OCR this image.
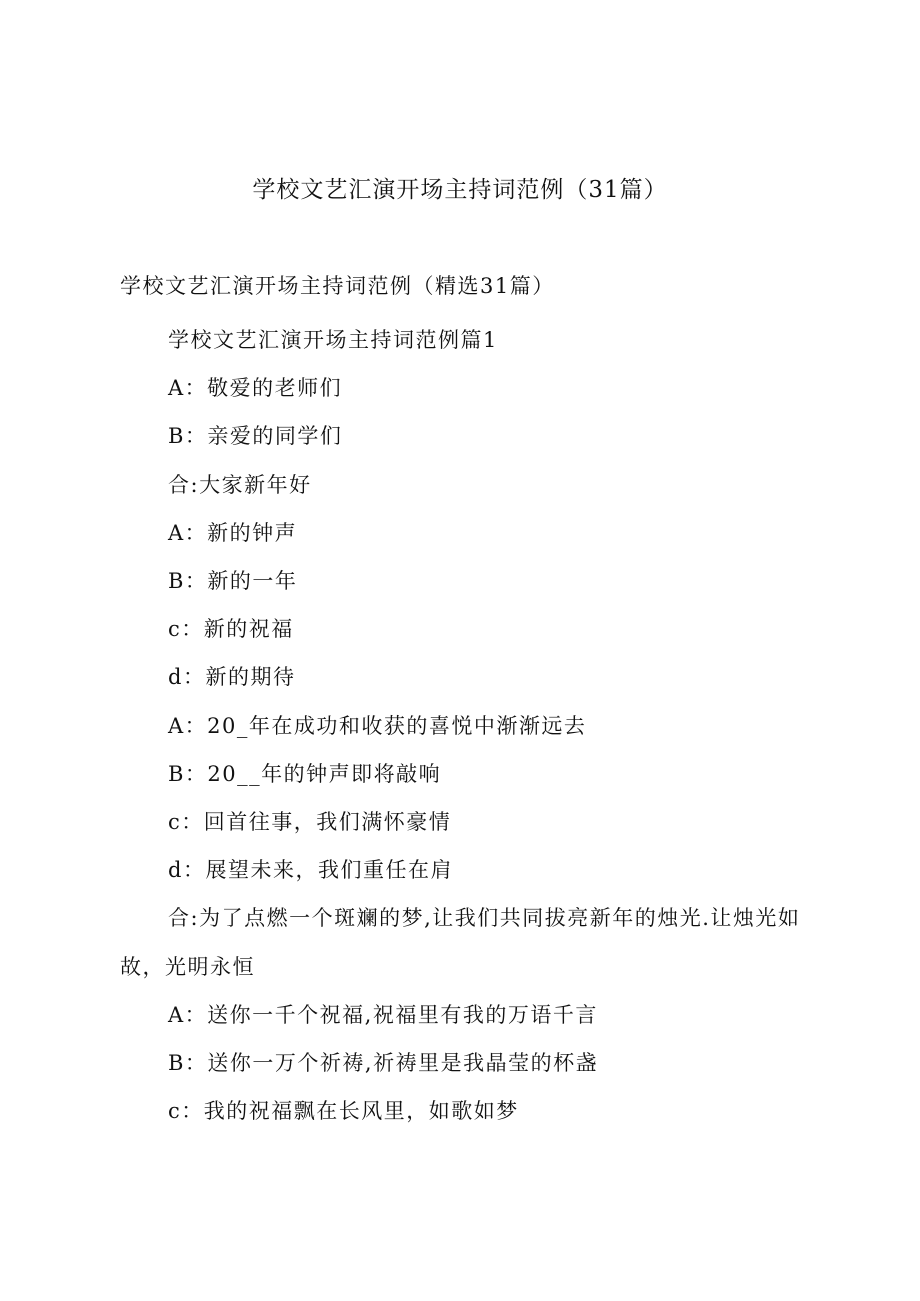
学校文艺汇演开场主持词范例（31篇）

学校文艺汇演开场主持词范例（精选31篇）

学校文艺汇演开场主持词范例篇1
A：敬爱的老师们
B：亲爱的同学们
合:大家新年好
A：新的钟声
B：新的一年
c：新的祝福
d：新的期待
A：20_年在成功和收获的喜悦中渐渐远去
B：20__年的钟声即将敲响
c：回首往事，我们满怀豪情
d：展望未来，我们重任在肩
合:为了点燃一个斑斓的梦,让我们共同拔亮新年的烛光.让烛光如故，光明永恒
A：送你一千个祝福,祝福里有我的万语千言
B：送你一万个祈祷,祈祷里是我晶莹的杯盏
c：我的祝福飘在长风里，如歌如梦
